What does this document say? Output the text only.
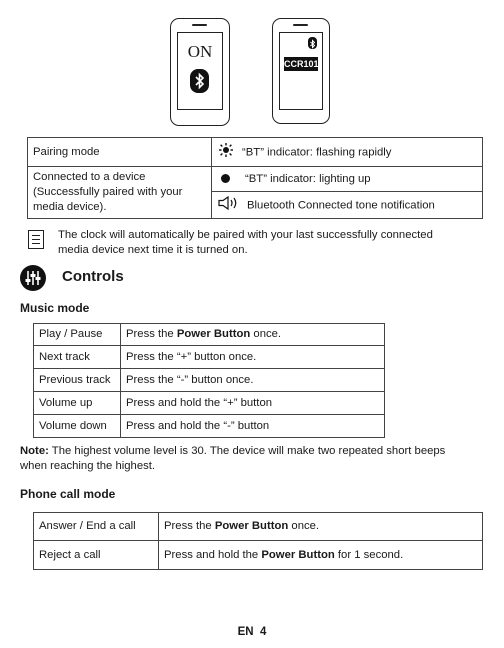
ON
CCR101
Pairing mode	“BT” indicator: flashing rapidly

Connected to a device
(Successfully paired with your
media device).	“BT” indicator: lighting up
	Bluetooth Connected tone notification
The clock will automatically be paired with your last successfully connected
media device next time it is turned on.
Controls
Music mode
Play / Pause	Press the Power Button once.
Next track	Press the “+” button once.
Previous track	Press the “-” button once.
Volume up	Press and hold the “+” button
Volume down	Press and hold the “-” button
Note: The highest volume level is 30. The device will make two repeated short beeps
when reaching the highest.
Phone call mode
Answer / End a call	Press the Power Button once.
Reject a call	Press and hold the Power Button for 1 second.
EN  4
